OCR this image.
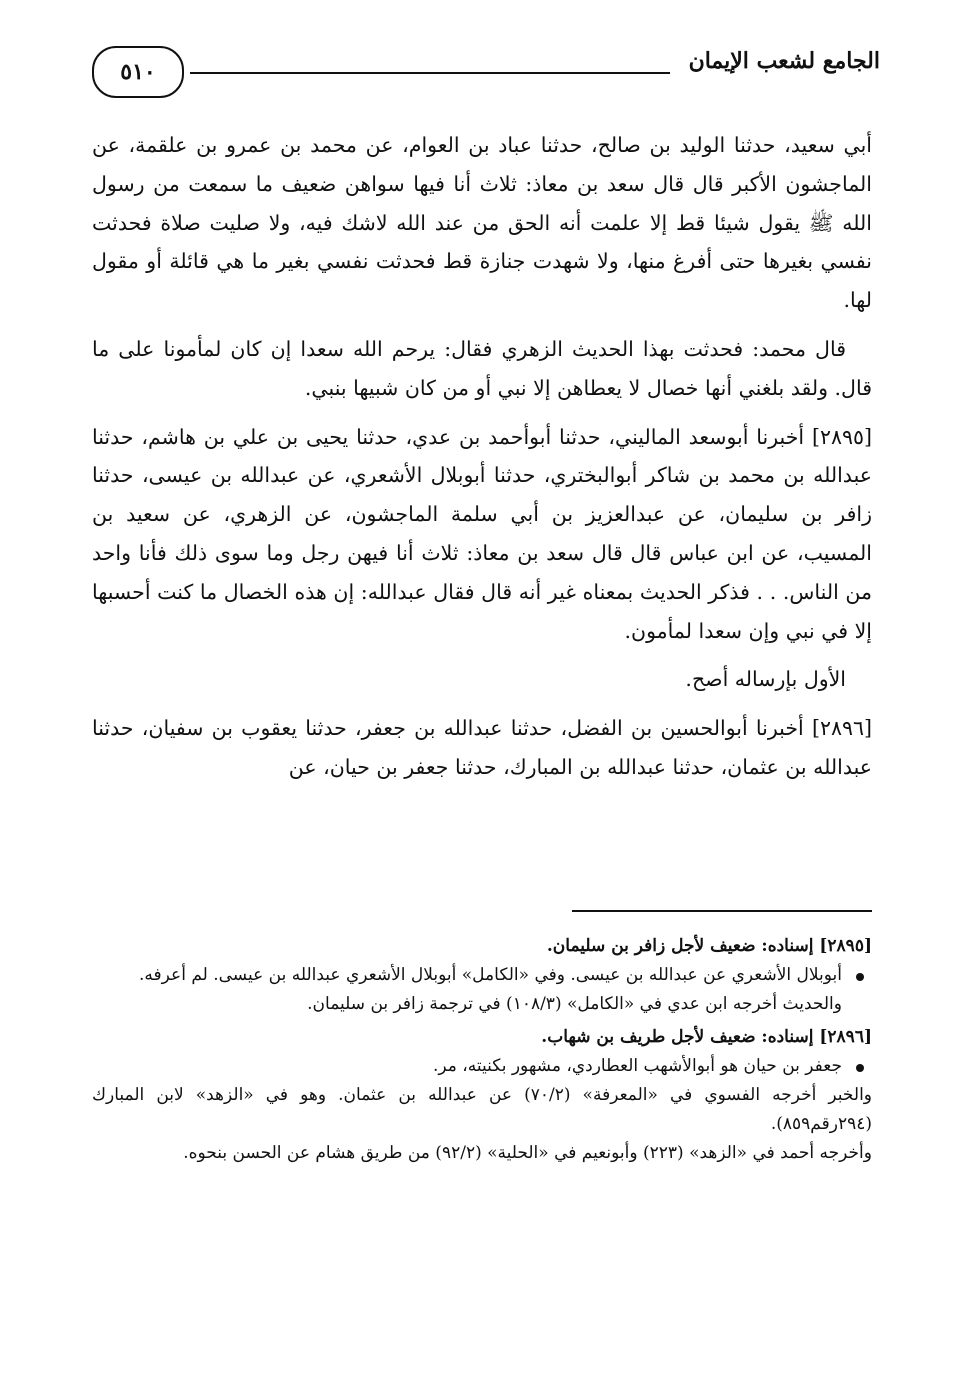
الجامع لشعب الإيمان
٥١٠

أبي سعيد، حدثنا الوليد بن صالح، حدثنا عباد بن العوام، عن محمد بن عمرو بن علقمة، عن الماجشون الأكبر قال قال سعد بن معاذ: ثلاث أنا فيها سواهن ضعيف ما سمعت من رسول الله ﷺ يقول شيئا قط إلا علمت أنه الحق من عند الله لاشك فيه، ولا صليت صلاة فحدثت نفسي بغيرها حتى أفرغ منها، ولا شهدت جنازة قط فحدثت نفسي بغير ما هي قائلة أو مقول لها.

قال محمد: فحدثت بهذا الحديث الزهري فقال: يرحم الله سعدا إن كان لمأمونا على ما قال. ولقد بلغني أنها خصال لا يعطاهن إلا نبي أو من كان شبيها بنبي.

[٢٨٩٥] أخبرنا أبوسعد الماليني، حدثنا أبوأحمد بن عدي، حدثنا يحيى بن علي بن هاشم، حدثنا عبدالله بن محمد بن شاكر أبوالبختري، حدثنا أبوبلال الأشعري، عن عبدالله بن عيسى، حدثنا زافر بن سليمان، عن عبدالعزيز بن أبي سلمة الماجشون، عن الزهري، عن سعيد بن المسيب، عن ابن عباس قال قال سعد بن معاذ: ثلاث أنا فيهن رجل وما سوى ذلك فأنا واحد من الناس. . . فذكر الحديث بمعناه غير أنه قال فقال عبدالله: إن هذه الخصال ما كنت أحسبها إلا في نبي وإن سعدا لمأمون.

الأول بإرساله أصح.

[٢٨٩٦] أخبرنا أبوالحسين بن الفضل، حدثنا عبدالله بن جعفر، حدثنا يعقوب بن سفيان، حدثنا عبدالله بن عثمان، حدثنا عبدالله بن المبارك، حدثنا جعفر بن حيان، عن

[٢٨٩٥] إسناده: ضعيف لأجل زافر بن سليمان.

أبوبلال الأشعري عن عبدالله بن عيسى. وفي «الكامل» أبوبلال الأشعري عبدالله بن عيسى. لم أعرفه.

والحديث أخرجه ابن عدي في «الكامل» (١٠٨/٣) في ترجمة زافر بن سليمان.

[٢٨٩٦] إسناده: ضعيف لأجل طريف بن شهاب.

جعفر بن حيان هو أبوالأشهب العطاردي، مشهور بكنيته، مر.

والخبر أخرجه الفسوي في «المعرفة» (٧٠/٢) عن عبدالله بن عثمان. وهو في «الزهد» لابن المبارك (٢٩٤رقم٨٥٩).

وأخرجه أحمد في «الزهد» (٢٢٣) وأبونعيم في «الحلية» (٩٢/٢) من طريق هشام عن الحسن بنحوه.
